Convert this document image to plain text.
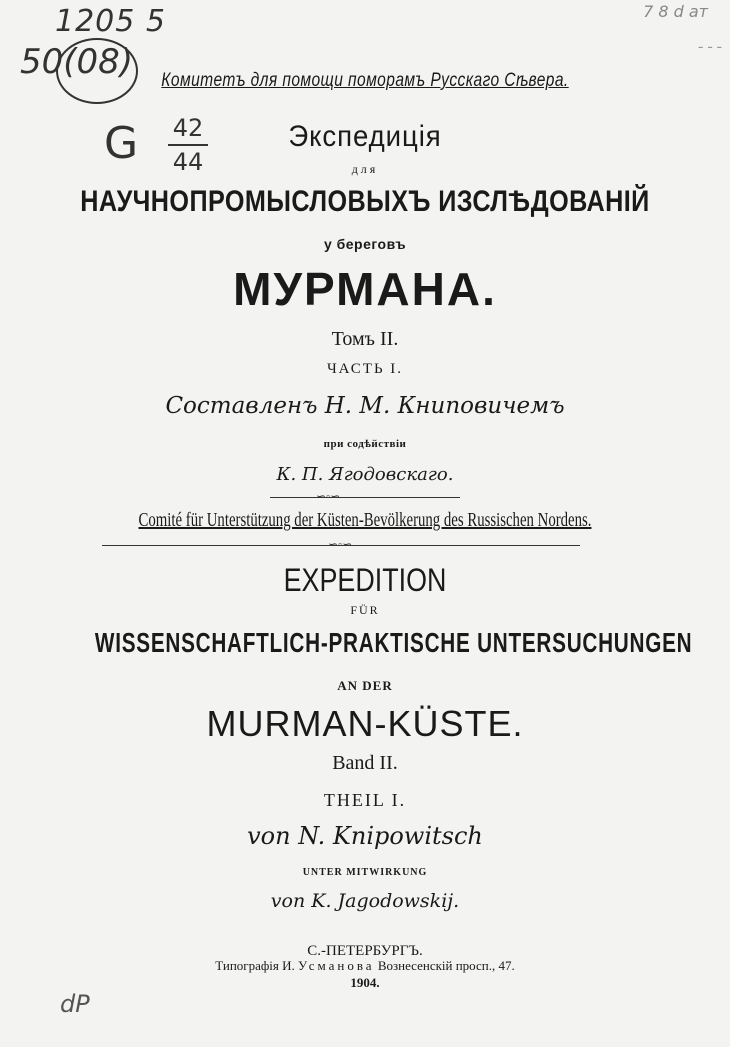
1205 5
50(08)
G 42
44
7 8 d ат
- - -
Комитетъ для помощи поморамъ Русскаго Сѣвера.
Экспедиція
для
НАУЧНОПРОМЫСЛОВЫХЪ ИЗСЛѢДОВАНІЙ
у береговъ
МУРМАНА.
Томъ II.
ЧАСТЬ I.
Составленъ Н. М. Книповичемъ
при содѣйствіи
К. П. Ягодовскаго.
∽◦∽
Comité für Unterstützung der Küsten-Bevölkerung des Russischen Nordens.
∽◦∽
EXPEDITION
FÜR
WISSENSCHAFTLICH-PRAKTISCHE UNTERSUCHUNGEN
AN DER
MURMAN-KÜSTE.
Band II.
THEIL I.
von N. Knipowitsch
UNTER MITWIRKUNG
von K. Jagodowskij.
С.-ПЕТЕРБУРГЪ.
Типографія И. Усманова Вознесенскій просп., 47.
1904.
dР
